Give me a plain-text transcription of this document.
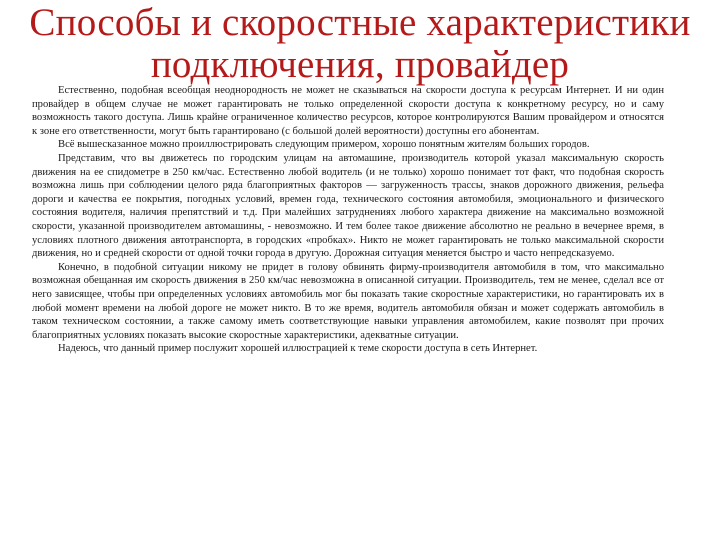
Способы и скоростные характеристики
подключения, провайдер

Естественно, подобная всеобщая неоднородность не может не сказываться на скорости доступа к ресурсам Интернет. И ни один провайдер в общем случае не может гарантировать не только определенной скорости доступа к конкретному ресурсу, но и саму возможность такого доступа. Лишь крайне ограниченное количество ресурсов, которое контролируются Вашим провайдером и относятся к зоне его ответственности, могут быть гарантировано (с большой долей вероятности) доступны его абонентам.

Всё вышесказанное можно проиллюстрировать следующим примером, хорошо понятным жителям больших городов.

Представим, что вы движетесь по городским улицам на автомашине, производитель которой указал максимальную скорость движения на ее спидометре в 250 км/час. Естественно любой водитель (и не только) хорошо понимает тот факт, что подобная скорость возможна лишь при соблюдении целого ряда благоприятных факторов — загруженность трассы, знаков дорожного движения, рельефа дороги и качества ее покрытия, погодных условий, времен года, технического состояния автомобиля, эмоционального и физического состояния водителя, наличия препятствий и т.д. При малейших затруднениях любого характера движение на максимально возможной скорости, указанной производителем автомашины, - невозможно. И тем более такое движение абсолютно не реально в вечернее время, в условиях плотного движения автотранспорта, в городских «пробках». Никто не может гарантировать не только максимальной скорости движения, но и средней скорости от одной точки города в другую. Дорожная ситуация меняется быстро и часто непредсказуемо.

Конечно, в подобной ситуации никому не придет в голову обвинять фирму-производителя автомобиля в том, что максимально возможная обещанная им скорость движения в 250 км/час невозможна в описанной ситуации. Производитель, тем не менее, сделал все от него зависящее, чтобы при определенных условиях автомобиль мог бы показать такие скоростные характеристики, но гарантировать их в любой момент времени на любой дороге не может никто. В то же время, водитель автомобиля обязан и может содержать автомобиль в таком техническом состоянии, а также самому иметь соответствующие навыки управления автомобилем, какие позволят при прочих благоприятных условиях показать высокие скоростные характеристики, адекватные ситуации.

Надеюсь, что данный пример послужит хорошей иллюстрацией к теме скорости доступа в сеть Интернет.
